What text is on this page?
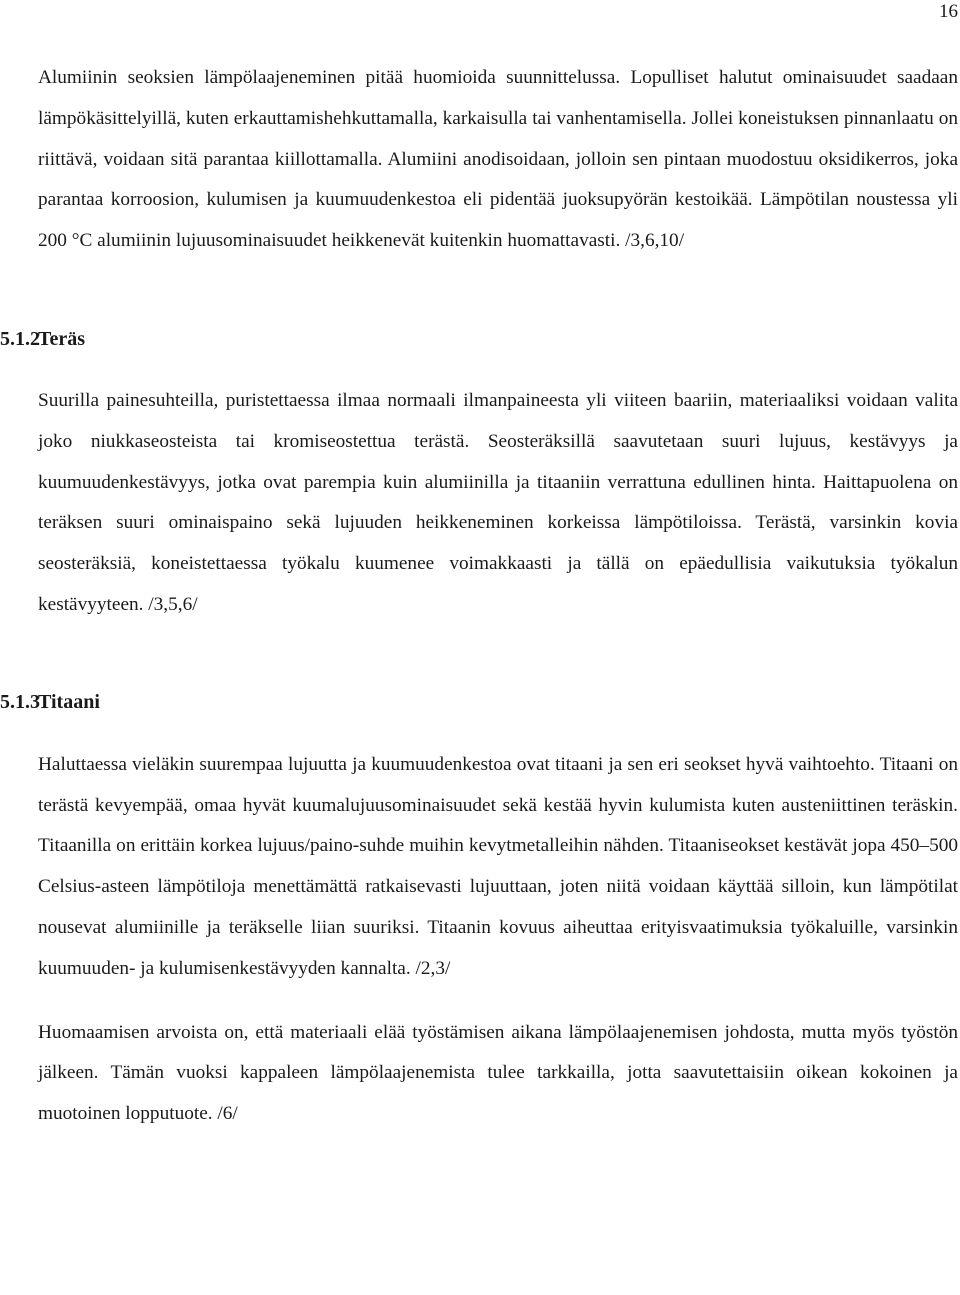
16

Alumiinin seoksien lämpölaajeneminen pitää huomioida suunnittelussa. Lopulliset halutut ominaisuudet saadaan lämpökäsittelyillä, kuten erkauttamishehkuttamalla, karkaisulla tai vanhentamisella. Jollei koneistuksen pinnanlaatu on riittävä, voidaan sitä parantaa kiillottamalla. Alumiini anodisoidaan, jolloin sen pintaan muodostuu oksidikerros, joka parantaa korroosion, kulumisen ja kuumuudenkestoa eli pidentää juoksupyörän kestoikää. Lämpötilan noustessa yli 200 °C alumiinin lujuusominaisuudet heikkenevät kuitenkin huomattavasti. /3,6,10/

5.1.2Teräs

Suurilla painesuhteilla, puristettaessa ilmaa normaali ilmanpaineesta yli viiteen baariin, materiaaliksi voidaan valita joko niukkaseosteista tai kromiseostettua terästä. Seosteräksillä saavutetaan suuri lujuus, kestävyys ja kuumuudenkestävyys, jotka ovat parempia kuin alumiinilla ja titaaniin verrattuna edullinen hinta. Haittapuolena on teräksen suuri ominaispaino sekä lujuuden heikkeneminen korkeissa lämpötiloissa. Terästä, varsinkin kovia seosteräksiä, koneistettaessa työkalu kuumenee voimakkaasti ja tällä on epäedullisia vaikutuksia työkalun kestävyyteen. /3,5,6/

5.1.3Titaani

Haluttaessa vieläkin suurempaa lujuutta ja kuumuudenkestoa ovat titaani ja sen eri seokset hyvä vaihtoehto. Titaani on terästä kevyempää, omaa hyvät kuumalujuusominaisuudet sekä kestää hyvin kulumista kuten austeniittinen teräskin. Titaanilla on erittäin korkea lujuus/paino-suhde muihin kevytmetalleihin nähden. Titaaniseokset kestävät jopa 450–500 Celsius-asteen lämpötiloja menettämättä ratkaisevasti lujuuttaan, joten niitä voidaan käyttää silloin, kun lämpötilat nousevat alumiinille ja teräkselle liian suuriksi. Titaanin kovuus aiheuttaa erityisvaatimuksia työkaluille, varsinkin kuumuuden- ja kulumisenkestävyyden kannalta. /2,3/

Huomaamisen arvoista on, että materiaali elää työstämisen aikana lämpölaajenemisen johdosta, mutta myös työstön jälkeen. Tämän vuoksi kappaleen lämpölaajenemista tulee tarkkailla, jotta saavutettaisiin oikean kokoinen ja muotoinen lopputuote. /6/
